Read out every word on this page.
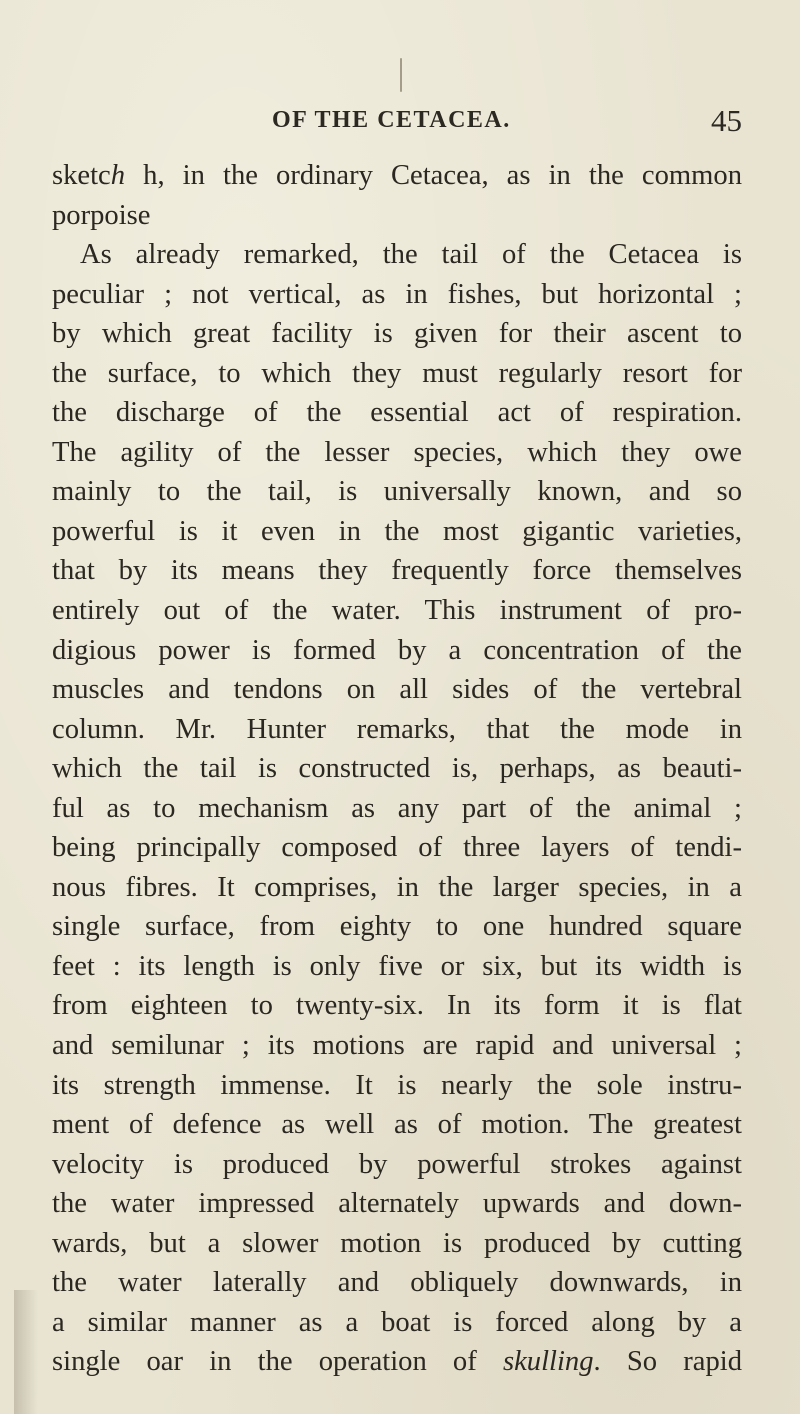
OF THE CETACEA.	45
sketch h, in the ordinary Cetacea, as in the common
porpoise
As already remarked, the tail of the Cetacea is
peculiar ; not vertical, as in fishes, but horizontal ;
by which great facility is given for their ascent to
the surface, to which they must regularly resort for
the discharge of the essential act of respiration.
The agility of the lesser species, which they owe
mainly to the tail, is universally known, and so
powerful is it even in the most gigantic varieties,
that by its means they frequently force themselves
entirely out of the water. This instrument of pro-
digious power is formed by a concentration of the
muscles and tendons on all sides of the vertebral
column. Mr. Hunter remarks, that the mode in
which the tail is constructed is, perhaps, as beauti-
ful as to mechanism as any part of the animal ;
being principally composed of three layers of tendi-
nous fibres. It comprises, in the larger species, in a
single surface, from eighty to one hundred square
feet : its length is only five or six, but its width is
from eighteen to twenty-six. In its form it is flat
and semilunar ; its motions are rapid and universal ;
its strength immense. It is nearly the sole instru-
ment of defence as well as of motion. The greatest
velocity is produced by powerful strokes against
the water impressed alternately upwards and down-
wards, but a slower motion is produced by cutting
the water laterally and obliquely downwards, in
a similar manner as a boat is forced along by a
single oar in the operation of skulling. So rapid
